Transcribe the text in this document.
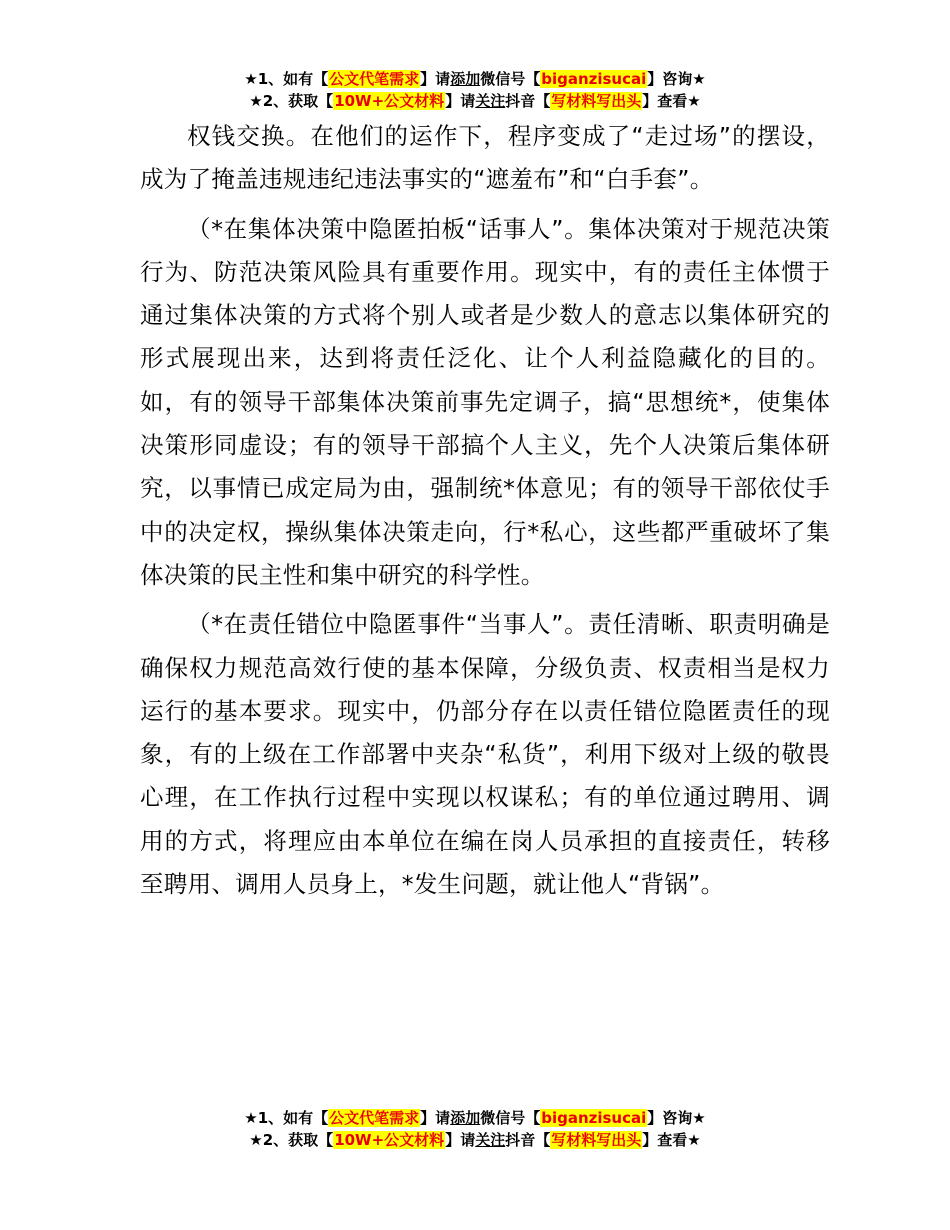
★1、如有【公文代笔需求】请添加微信号【biganzisucai】咨询★
★2、获取【10W+公文材料】请关注抖音【写材料写出头】查看★

权钱交换。在他们的运作下，程序变成了“走过场”的摆设，成为了掩盖违规违纪违法事实的“遮羞布”和“白手套”。

（*在集体决策中隐匿拍板“话事人”。集体决策对于规范决策行为、防范决策风险具有重要作用。现实中，有的责任主体惯于通过集体决策的方式将个别人或者是少数人的意志以集体研究的形式展现出来，达到将责任泛化、让个人利益隐藏化的目的。如，有的领导干部集体决策前事先定调子，搞“思想统*，使集体决策形同虚设；有的领导干部搞个人主义，先个人决策后集体研究，以事情已成定局为由，强制统*体意见；有的领导干部依仗手中的决定权，操纵集体决策走向，行*私心，这些都严重破坏了集体决策的民主性和集中研究的科学性。

（*在责任错位中隐匿事件“当事人”。责任清晰、职责明确是确保权力规范高效行使的基本保障，分级负责、权责相当是权力运行的基本要求。现实中，仍部分存在以责任错位隐匿责任的现象，有的上级在工作部署中夹杂“私货”，利用下级对上级的敬畏心理，在工作执行过程中实现以权谋私；有的单位通过聘用、调用的方式，将理应由本单位在编在岗人员承担的直接责任，转移至聘用、调用人员身上，*发生问题，就让他人“背锅”。

★1、如有【公文代笔需求】请添加微信号【biganzisucai】咨询★
★2、获取【10W+公文材料】请关注抖音【写材料写出头】查看★
